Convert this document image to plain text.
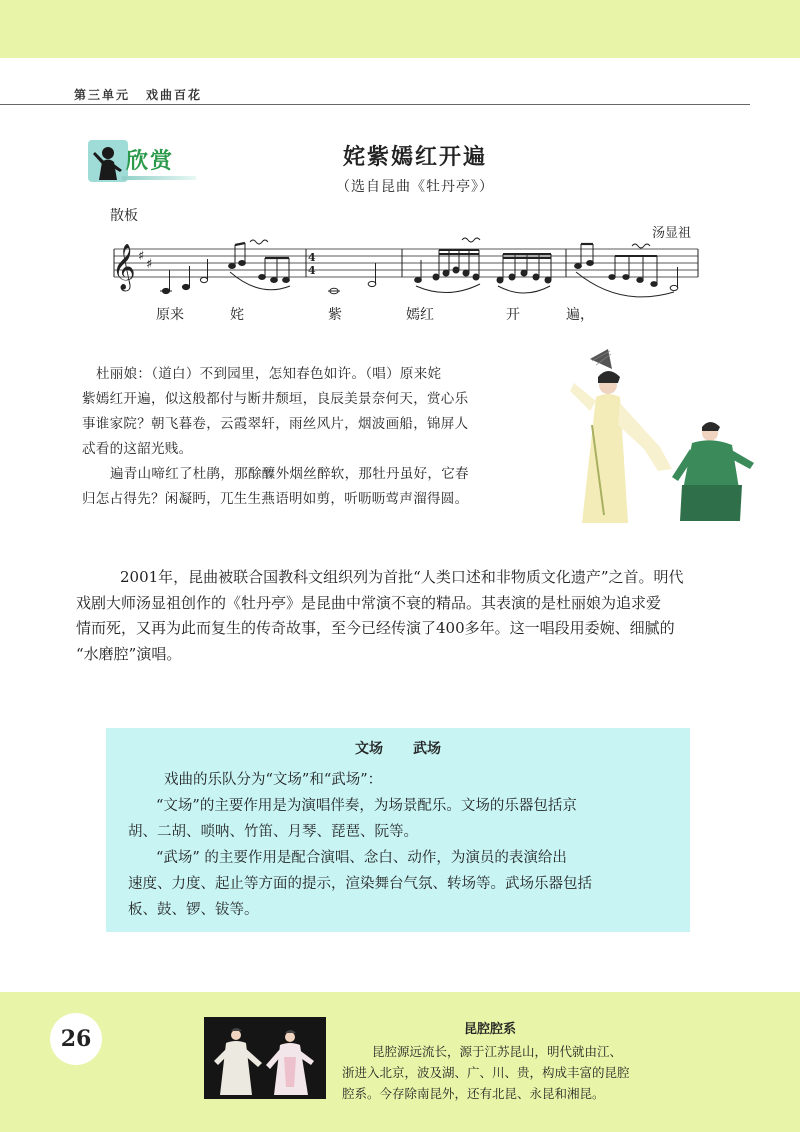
第三单元 戏曲百花
欣赏	姹紫嫣红开遍
（选自昆曲《牡丹亭》）
散板
汤显祖
𝄞 ♯
♯	4
4
原来	姹	紫	嫣红	开	遍，
杜丽娘：（道白）不到园里，怎知春色如许。（唱）原来姹
紫嫣红开遍，似这般都付与断井颓垣，良辰美景奈何天，赏心乐
事谁家院？朝飞暮卷，云霞翠轩，雨丝风片，烟波画船，锦屏人
忒看的这韶光贱。
遍青山啼红了杜鹃，那酴醾外烟丝醉软，那牡丹虽好，它春
归怎占得先？闲凝眄，兀生生燕语明如剪，听呖呖莺声溜得圆。
2001年，昆曲被联合国教科文组织列为首批“人类口述和非物质文化遗产”之首。明代
戏剧大师汤显祖创作的《牡丹亭》是昆曲中常演不衰的精品。其表演的是杜丽娘为追求爱
情而死，又再为此而复生的传奇故事，至今已经传演了400多年。这一唱段用委婉、细腻的
“水磨腔”演唱。
文场 武场
戏曲的乐队分为“文场”和“武场”：
“文场”的主要作用是为演唱伴奏，为场景配乐。文场的乐器包括京
胡、二胡、唢呐、竹笛、月琴、琵琶、阮等。
“武场” 的主要作用是配合演唱、念白、动作，为演员的表演给出
速度、力度、起止等方面的提示，渲染舞台气氛、转场等。武场乐器包括
板、鼓、锣、钹等。
26	昆腔腔系
昆腔源远流长，源于江苏昆山，明代就由江、
浙进入北京，波及湖、广、川、贵，构成丰富的昆腔
腔系。今存除南昆外，还有北昆、永昆和湘昆。
